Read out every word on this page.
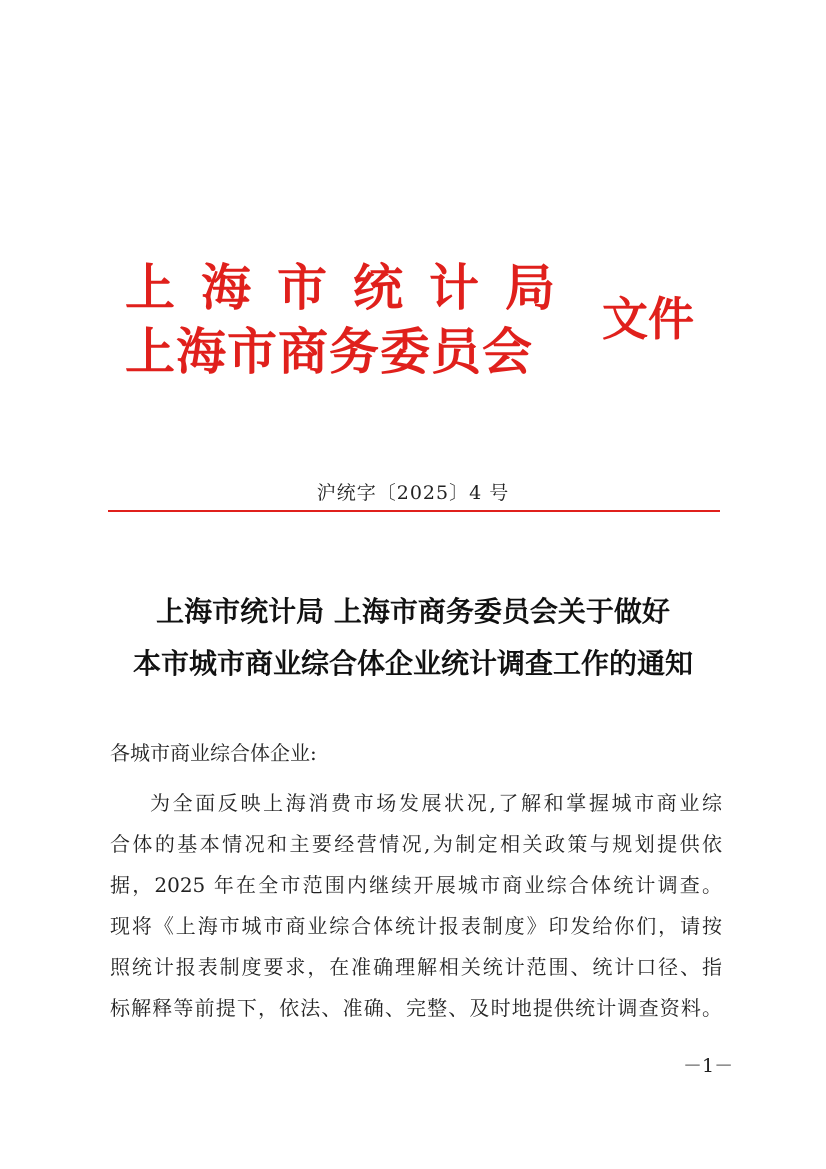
上海市统计局
上海市商务委员会
文件
沪统字〔2025〕4 号
上海市统计局 上海市商务委员会关于做好
本市城市商业综合体企业统计调查工作的通知
各城市商业综合体企业:
为全面反映上海消费市场发展状况,了解和掌握城市商业综
合体的基本情况和主要经营情况,为制定相关政策与规划提供依
据，2025 年在全市范围内继续开展城市商业综合体统计调查。
现将《上海市城市商业综合体统计报表制度》印发给你们，请按
照统计报表制度要求，在准确理解相关统计范围、统计口径、指
标解释等前提下，依法、准确、完整、及时地提供统计调查资料。
－1－
